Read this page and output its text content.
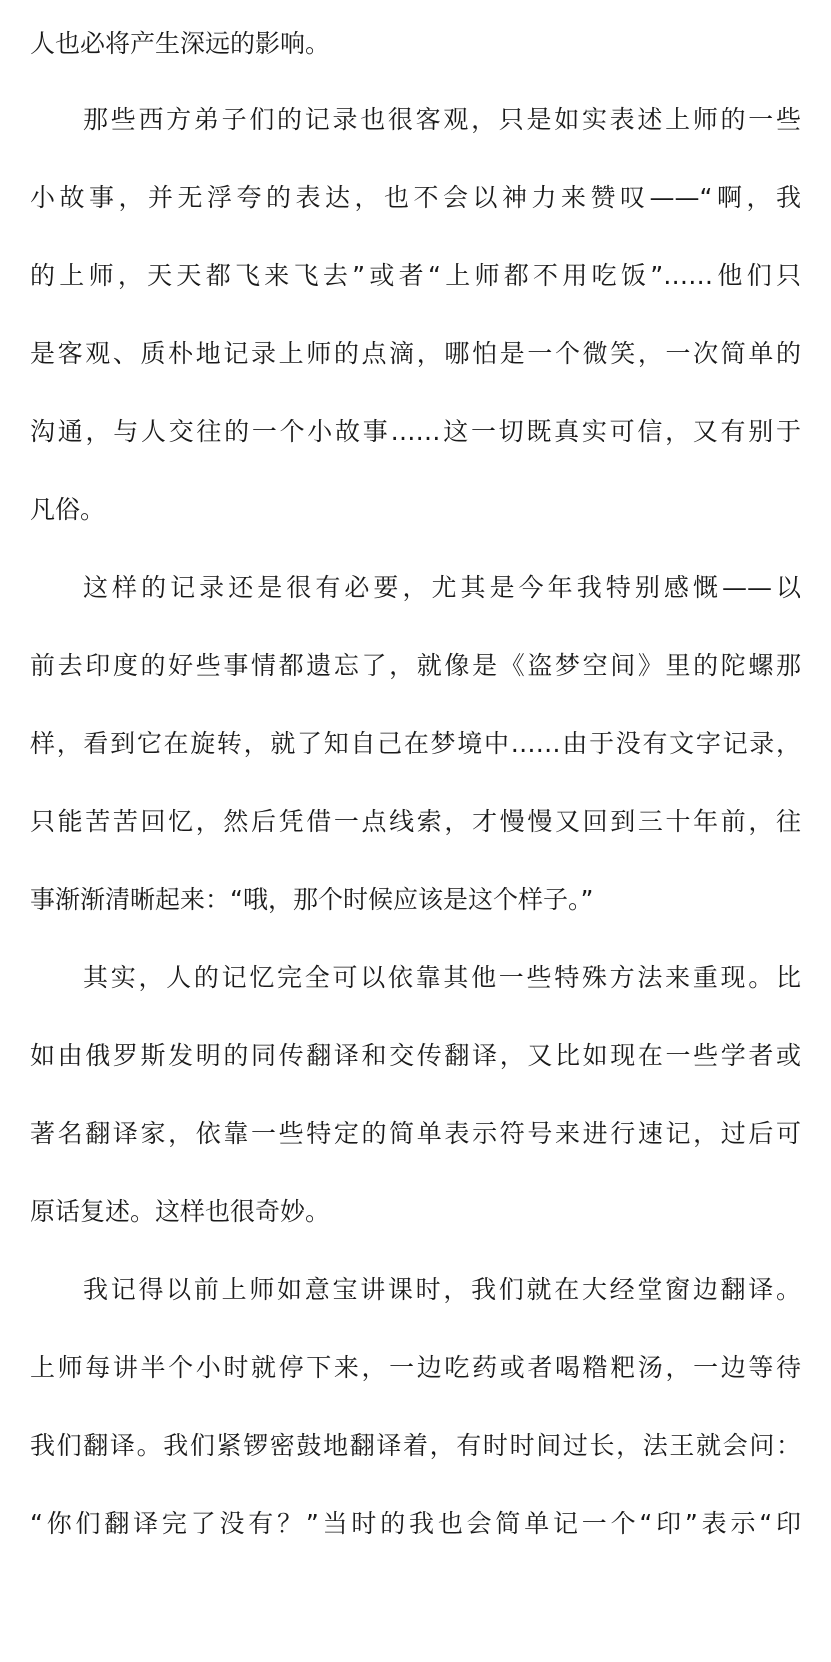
人也必将产生深远的影响。
那些西方弟子们的记录也很客观，只是如实表述上师的一些
小故事，并无浮夸的表达，也不会以神力来赞叹——“啊，我
的上师，天天都飞来飞去”或者“上师都不用吃饭”……他们只
是客观、质朴地记录上师的点滴，哪怕是一个微笑，一次简单的
沟通，与人交往的一个小故事……这一切既真实可信，又有别于
凡俗。
这样的记录还是很有必要，尤其是今年我特别感慨——以
前去印度的好些事情都遗忘了，就像是《盗梦空间》里的陀螺那
样，看到它在旋转，就了知自己在梦境中……由于没有文字记录，
只能苦苦回忆，然后凭借一点线索，才慢慢又回到三十年前，往
事渐渐清晰起来：“哦，那个时候应该是这个样子。”
其实，人的记忆完全可以依靠其他一些特殊方法来重现。比
如由俄罗斯发明的同传翻译和交传翻译，又比如现在一些学者或
著名翻译家，依靠一些特定的简单表示符号来进行速记，过后可
原话复述。这样也很奇妙。
我记得以前上师如意宝讲课时，我们就在大经堂窗边翻译。
上师每讲半个小时就停下来，一边吃药或者喝糌粑汤，一边等待
我们翻译。我们紧锣密鼓地翻译着，有时时间过长，法王就会问：
“你们翻译完了没有？”当时的我也会简单记一个“印”表示“印
